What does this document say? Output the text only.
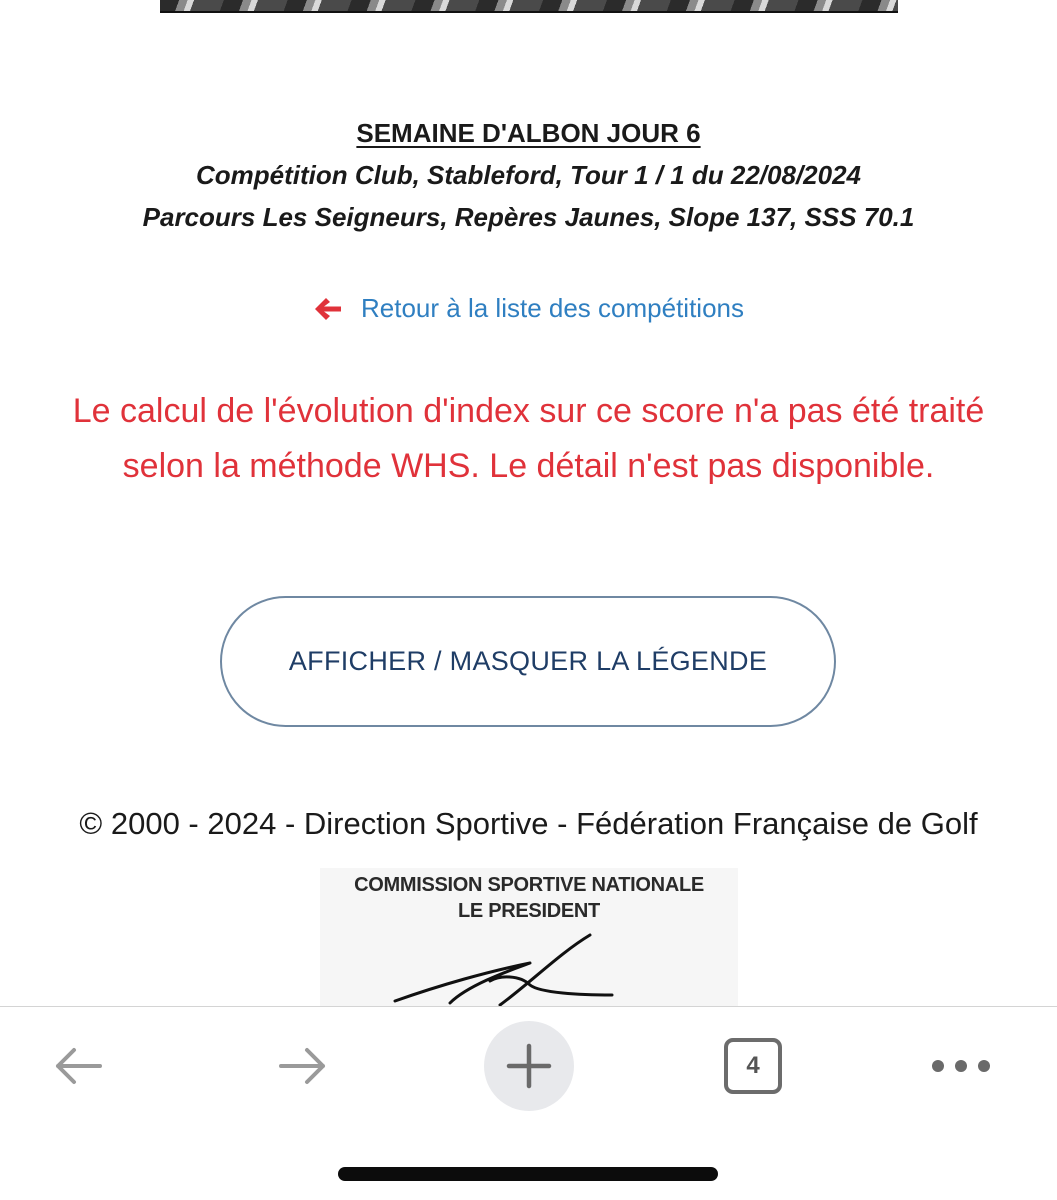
SEMAINE D'ALBON JOUR 6
Compétition Club, Stableford, Tour 1 / 1 du 22/08/2024
Parcours Les Seigneurs, Repères Jaunes, Slope 137, SSS 70.1
Retour à la liste des compétitions
Le calcul de l'évolution d'index sur ce score n'a pas été traité
selon la méthode WHS. Le détail n'est pas disponible.
AFFICHER / MASQUER LA LÉGENDE
© 2000 - 2024 - Direction Sportive - Fédération Française de Golf
COMMISSION SPORTIVE NATIONALE
LE PRESIDENT
4
